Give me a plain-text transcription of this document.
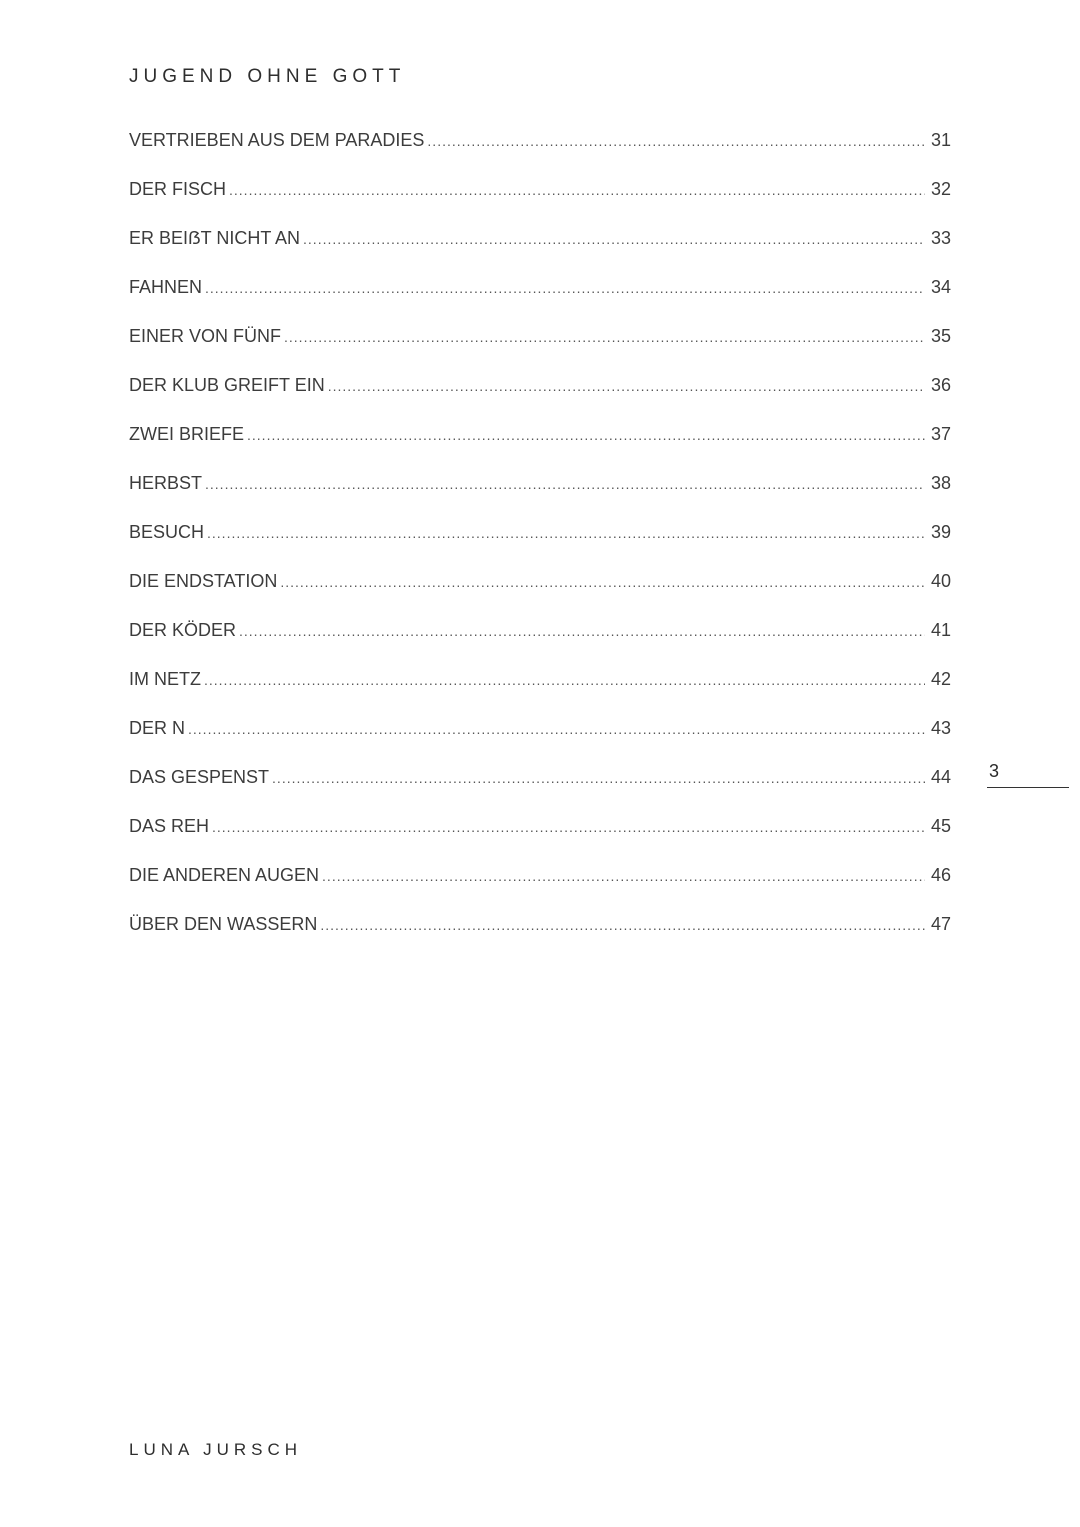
JUGEND OHNE GOTT
VERTRIEBEN AUS DEM PARADIES .....	31
DER FISCH .....	32
ER BEIẞT NICHT AN .....	33
FAHNEN .....	34
EINER VON FÜNF .....	35
DER KLUB GREIFT EIN .....	36
ZWEI BRIEFE .....	37
HERBST .....	38
BESUCH .....	39
DIE ENDSTATION .....	40
DER KÖDER .....	41
IM NETZ .....	42
DER N .....	43
DAS GESPENST .....	44
DAS REH .....	45
DIE ANDEREN AUGEN .....	46
ÜBER DEN WASSERN .....	47
3
LUNA JURSCH
